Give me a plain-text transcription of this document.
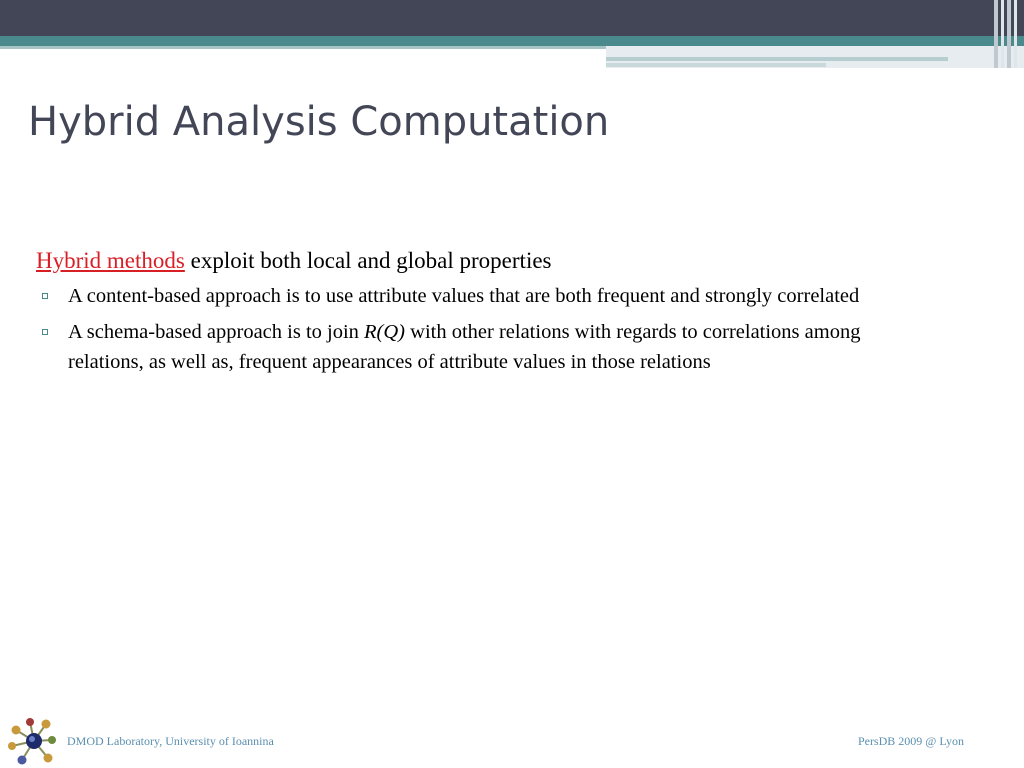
Hybrid Analysis Computation

Hybrid methods exploit both local and global properties

A content-based approach is to use attribute values that are both frequent and strongly correlated
A schema-based approach is to join R(Q) with other relations with regards to correlations among relations, as well as, frequent appearances of attribute values in those relations
DMOD Laboratory, University of Ioannina	PersDB 2009 @ Lyon
